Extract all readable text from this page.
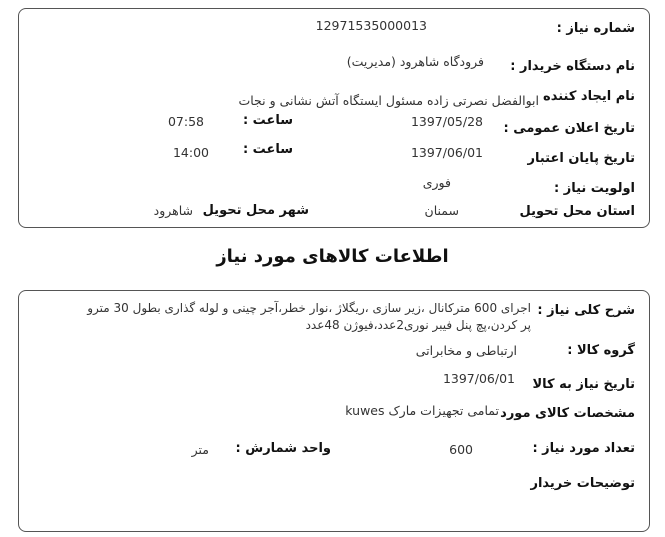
شماره نیاز :
12971535000013
نام دستگاه خریدار :
فرودگاه شاهرود (مدیریت)
نام ایجاد کننده
ابوالفضل نصرتی زاده مسئول ایستگاه آتش نشانی و نجات
تاریخ اعلان عمومی :
1397/05/28
ساعت :
07:58
تاریخ پایان اعتبار
1397/06/01
ساعت :
14:00
اولویت نیاز :
فوری
استان محل تحویل
سمنان
شهر محل تحویل
شاهرود
اطلاعات کالاهای مورد نیاز
شرح کلی نیاز :
اجرای 600 مترکانال ،زیر سازی ،ریگلاژ ،نوار خطر،آجر چینی و لوله گذاری بطول 30 مترو
پر کردن،پچ پنل فیبر نوری2عدد،فیوژن 48عدد
گروه کالا :
ارتباطی و مخابراتی
تاریخ نیاز به کالا
1397/06/01
مشخصات کالای مورد
تمامی تجهیزات مارک kuwes
تعداد مورد نیاز :
600
واحد شمارش :
متر
توضیحات خریدار
